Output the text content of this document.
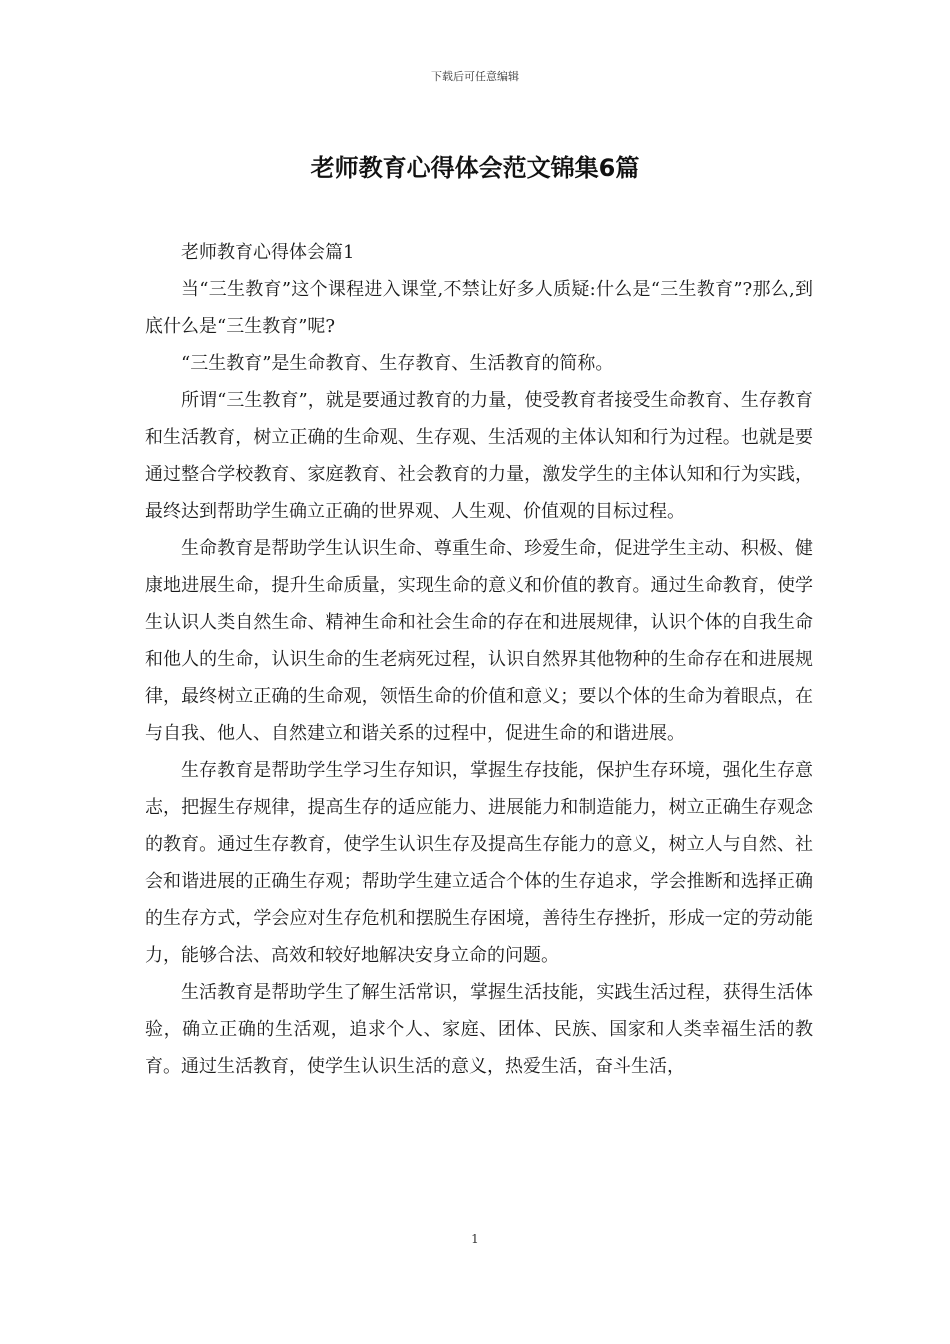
下载后可任意编辑
老师教育心得体会范文锦集6篇

老师教育心得体会篇1

当“三生教育”这个课程进入课堂,不禁让好多人质疑:什么是“三生教育”?那么,到底什么是“三生教育”呢?

“三生教育”是生命教育、生存教育、生活教育的简称。

所谓“三生教育”，就是要通过教育的力量，使受教育者接受生命教育、生存教育和生活教育，树立正确的生命观、生存观、生活观的主体认知和行为过程。也就是要通过整合学校教育、家庭教育、社会教育的力量，激发学生的主体认知和行为实践，最终达到帮助学生确立正确的世界观、人生观、价值观的目标过程。

生命教育是帮助学生认识生命、尊重生命、珍爱生命，促进学生主动、积极、健康地进展生命，提升生命质量，实现生命的意义和价值的教育。通过生命教育，使学生认识人类自然生命、精神生命和社会生命的存在和进展规律，认识个体的自我生命和他人的生命，认识生命的生老病死过程，认识自然界其他物种的生命存在和进展规律，最终树立正确的生命观，领悟生命的价值和意义；要以个体的生命为着眼点，在与自我、他人、自然建立和谐关系的过程中，促进生命的和谐进展。

生存教育是帮助学生学习生存知识，掌握生存技能，保护生存环境，强化生存意志，把握生存规律，提高生存的适应能力、进展能力和制造能力，树立正确生存观念的教育。通过生存教育，使学生认识生存及提高生存能力的意义，树立人与自然、社会和谐进展的正确生存观；帮助学生建立适合个体的生存追求，学会推断和选择正确的生存方式，学会应对生存危机和摆脱生存困境，善待生存挫折，形成一定的劳动能力，能够合法、高效和较好地解决安身立命的问题。

生活教育是帮助学生了解生活常识，掌握生活技能，实践生活过程，获得生活体验，确立正确的生活观，追求个人、家庭、团体、民族、国家和人类幸福生活的教育。通过生活教育，使学生认识生活的意义，热爱生活，奋斗生活，

1
